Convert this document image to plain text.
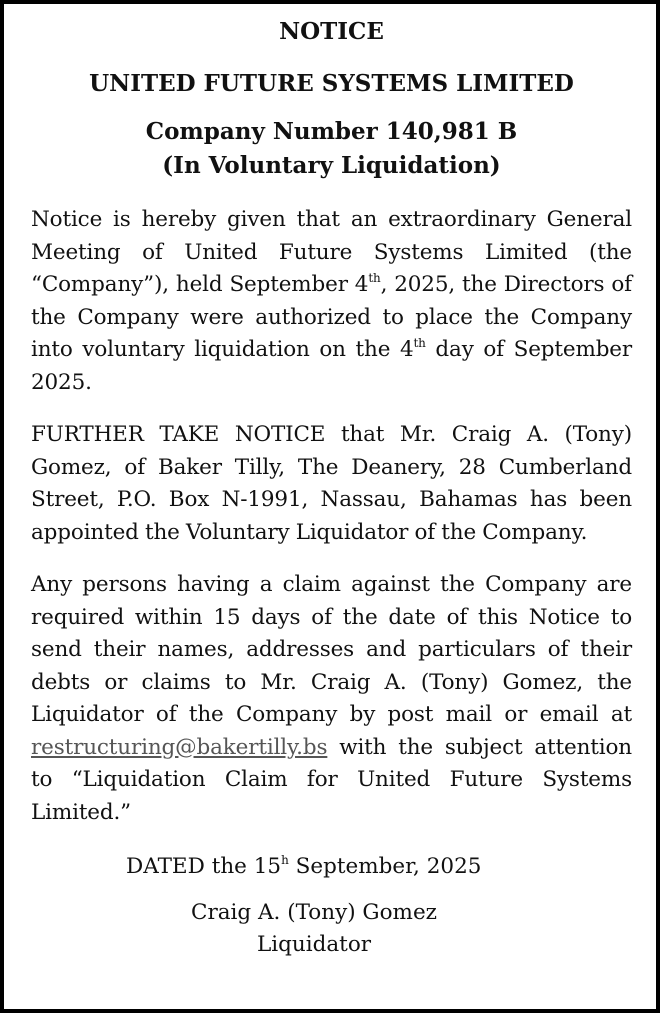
NOTICE
UNITED FUTURE SYSTEMS LIMITED
Company Number 140,981 B
(In Voluntary Liquidation)

Notice is hereby given that an extraordinary General Meeting of United Future Systems Limited (the “Company”), held September 4th, 2025, the Directors of the Company were authorized to place the Company into voluntary liquidation on the 4th day of September 2025.

FURTHER TAKE NOTICE that Mr. Craig A. (Tony) Gomez, of Baker Tilly, The Deanery, 28 Cumberland Street, P.O. Box N-1991, Nassau, Bahamas has been appointed the Voluntary Liquidator of the Company.

Any persons having a claim against the Company are required within 15 days of the date of this Notice to send their names, addresses and particulars of their debts or claims to Mr. Craig A. (Tony) Gomez, the Liquidator of the Company by post mail or email at restructuring@bakertilly.bs with the subject attention to “Liquidation Claim for United Future Systems Limited.”

DATED the 15$^h$ September, 2025

Craig A. (Tony) Gomez

Liquidator
